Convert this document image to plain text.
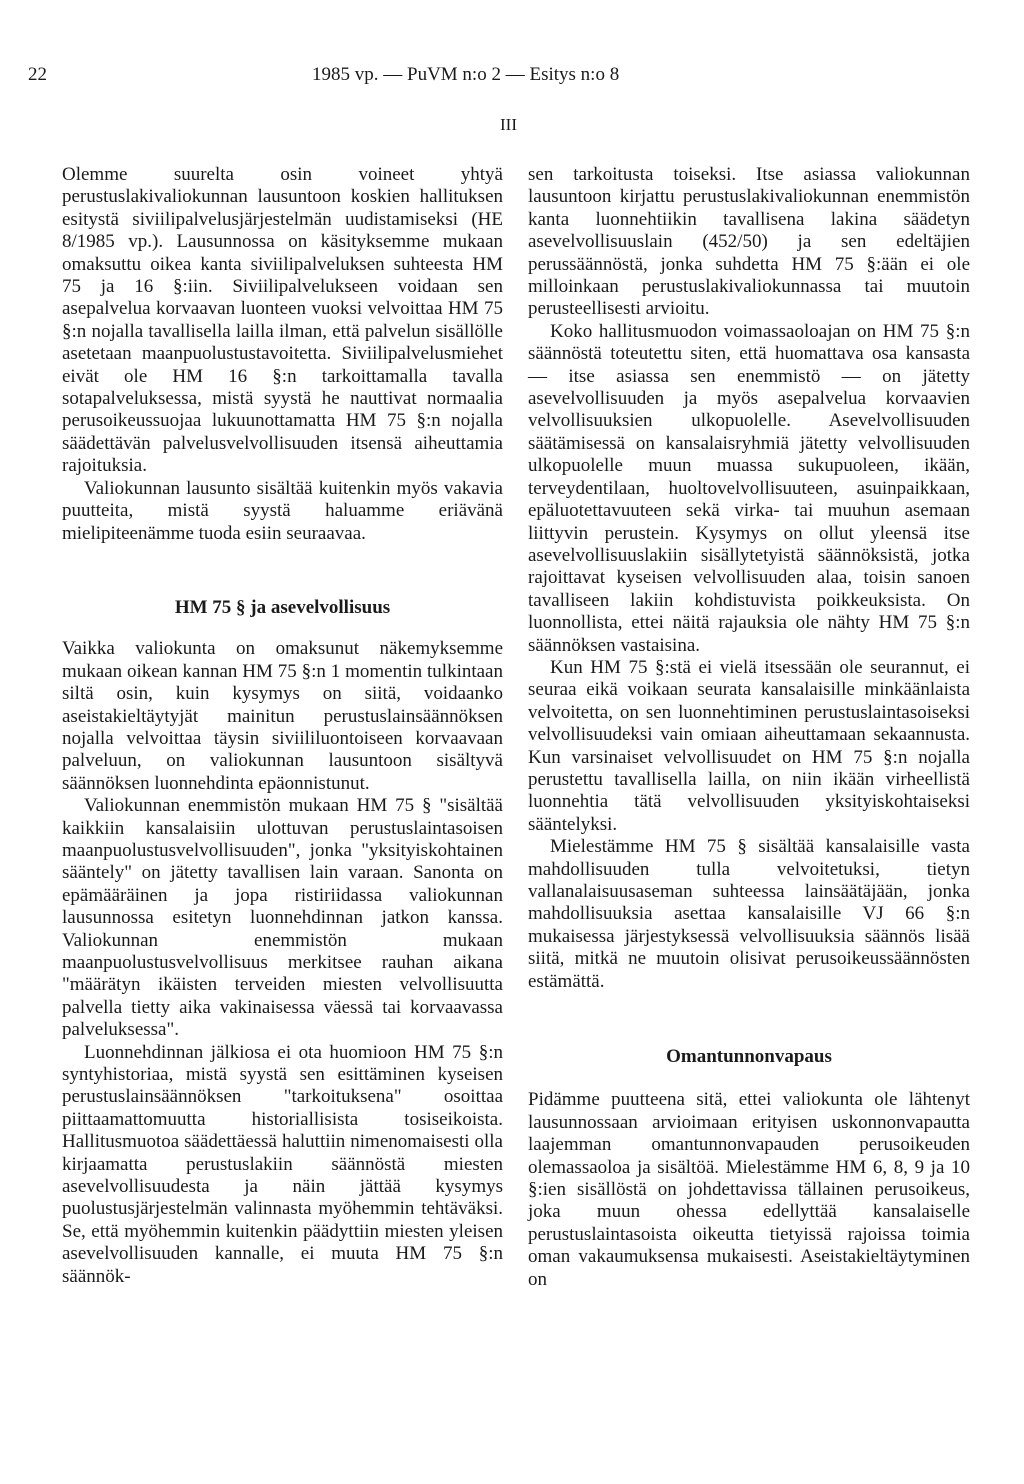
22	1985 vp. — PuVM n:o 2 — Esitys n:o 8
III

Olemme suurelta osin voineet yhtyä perustuslakivaliokunnan lausuntoon koskien hallituksen esitystä siviilipalvelusjärjestelmän uudistamiseksi (HE 8/1985 vp.). Lausunnossa on käsityksemme mukaan omaksuttu oikea kanta siviilipalveluksen suhteesta HM 75 ja 16 §:iin. Siviilipalvelukseen voidaan sen asepalvelua korvaavan luonteen vuoksi velvoittaa HM 75 §:n nojalla tavallisella lailla ilman, että palvelun sisällölle asetetaan maanpuolustustavoitetta. Siviilipalvelusmiehet eivät ole HM 16 §:n tarkoittamalla tavalla sotapalveluksessa, mistä syystä he nauttivat normaalia perusoikeussuojaa lukuunottamatta HM 75 §:n nojalla säädettävän palvelusvelvollisuuden itsensä aiheuttamia rajoituksia.

Valiokunnan lausunto sisältää kuitenkin myös vakavia puutteita, mistä syystä haluamme eriävänä mielipiteenämme tuoda esiin seuraavaa.

HM 75 § ja asevelvollisuus

Vaikka valiokunta on omaksunut näkemyksemme mukaan oikean kannan HM 75 §:n 1 momentin tulkintaan siltä osin, kuin kysymys on siitä, voidaanko aseistakieltäytyjät mainitun perustuslainsäännöksen nojalla velvoittaa täysin siviililuontoiseen korvaavaan palveluun, on valiokunnan lausuntoon sisältyvä säännöksen luonnehdinta epäonnistunut.

Valiokunnan enemmistön mukaan HM 75 § "sisältää kaikkiin kansalaisiin ulottuvan perustuslaintasoisen maanpuolustusvelvollisuuden", jonka "yksityiskohtainen sääntely" on jätetty tavallisen lain varaan. Sanonta on epämääräinen ja jopa ristiriidassa valiokunnan lausunnossa esitetyn luonnehdinnan jatkon kanssa. Valiokunnan enemmistön mukaan maanpuolustusvelvollisuus merkitsee rauhan aikana "määrätyn ikäisten terveiden miesten velvollisuutta palvella tietty aika vakinaisessa väessä tai korvaavassa palveluksessa".

Luonnehdinnan jälkiosa ei ota huomioon HM 75 §:n syntyhistoriaa, mistä syystä sen esittäminen kyseisen perustuslainsäännöksen "tarkoituksena" osoittaa piittaamattomuutta historiallisista tosiseikoista. Hallitusmuotoa säädettäessä haluttiin nimenomaisesti olla kirjaamatta perustuslakiin säännöstä miesten asevelvollisuudesta ja näin jättää kysymys puolustusjärjestelmän valinnasta myöhemmin tehtäväksi. Se, että myöhemmin kuitenkin päädyttiin miesten yleisen asevelvollisuuden kannalle, ei muuta HM 75 §:n säännök-

sen tarkoitusta toiseksi. Itse asiassa valiokunnan lausuntoon kirjattu perustuslakivaliokunnan enemmistön kanta luonnehtiikin tavallisena lakina säädetyn asevelvollisuuslain (452/50) ja sen edeltäjien perussäännöstä, jonka suhdetta HM 75 §:ään ei ole milloinkaan perustuslakivaliokunnassa tai muutoin perusteellisesti arvioitu.

Koko hallitusmuodon voimassaoloajan on HM 75 §:n säännöstä toteutettu siten, että huomattava osa kansasta — itse asiassa sen enemmistö — on jätetty asevelvollisuuden ja myös asepalvelua korvaavien velvollisuuksien ulkopuolelle. Asevelvollisuuden säätämisessä on kansalaisryhmiä jätetty velvollisuuden ulkopuolelle muun muassa sukupuoleen, ikään, terveydentilaan, huoltovelvollisuuteen, asuinpaikkaan, epäluotettavuuteen sekä virka- tai muuhun asemaan liittyvin perustein. Kysymys on ollut yleensä itse asevelvollisuuslakiin sisällytetyistä säännöksistä, jotka rajoittavat kyseisen velvollisuuden alaa, toisin sanoen tavalliseen lakiin kohdistuvista poikkeuksista. On luonnollista, ettei näitä rajauksia ole nähty HM 75 §:n säännöksen vastaisina.

Kun HM 75 §:stä ei vielä itsessään ole seurannut, ei seuraa eikä voikaan seurata kansalaisille minkäänlaista velvoitetta, on sen luonnehtiminen perustuslaintasoiseksi velvollisuudeksi vain omiaan aiheuttamaan sekaannusta. Kun varsinaiset velvollisuudet on HM 75 §:n nojalla perustettu tavallisella lailla, on niin ikään virheellistä luonnehtia tätä velvollisuuden yksityiskohtaiseksi sääntelyksi.

Mielestämme HM 75 § sisältää kansalaisille vasta mahdollisuuden tulla velvoitetuksi, tietyn vallanalaisuusaseman suhteessa lainsäätäjään, jonka mahdollisuuksia asettaa kansalaisille VJ 66 §:n mukaisessa järjestyksessä velvollisuuksia säännös lisää siitä, mitkä ne muutoin olisivat perusoikeussäännösten estämättä.

Omantunnonvapaus

Pidämme puutteena sitä, ettei valiokunta ole lähtenyt lausunnossaan arvioimaan erityisen uskonnonvapautta laajemman omantunnonvapauden perusoikeuden olemassaoloa ja sisältöä. Mielestämme HM 6, 8, 9 ja 10 §:ien sisällöstä on johdettavissa tällainen perusoikeus, joka muun ohessa edellyttää kansalaiselle perustuslaintasoista oikeutta tietyissä rajoissa toimia oman vakaumuksensa mukaisesti. Aseistakieltäytyminen on
